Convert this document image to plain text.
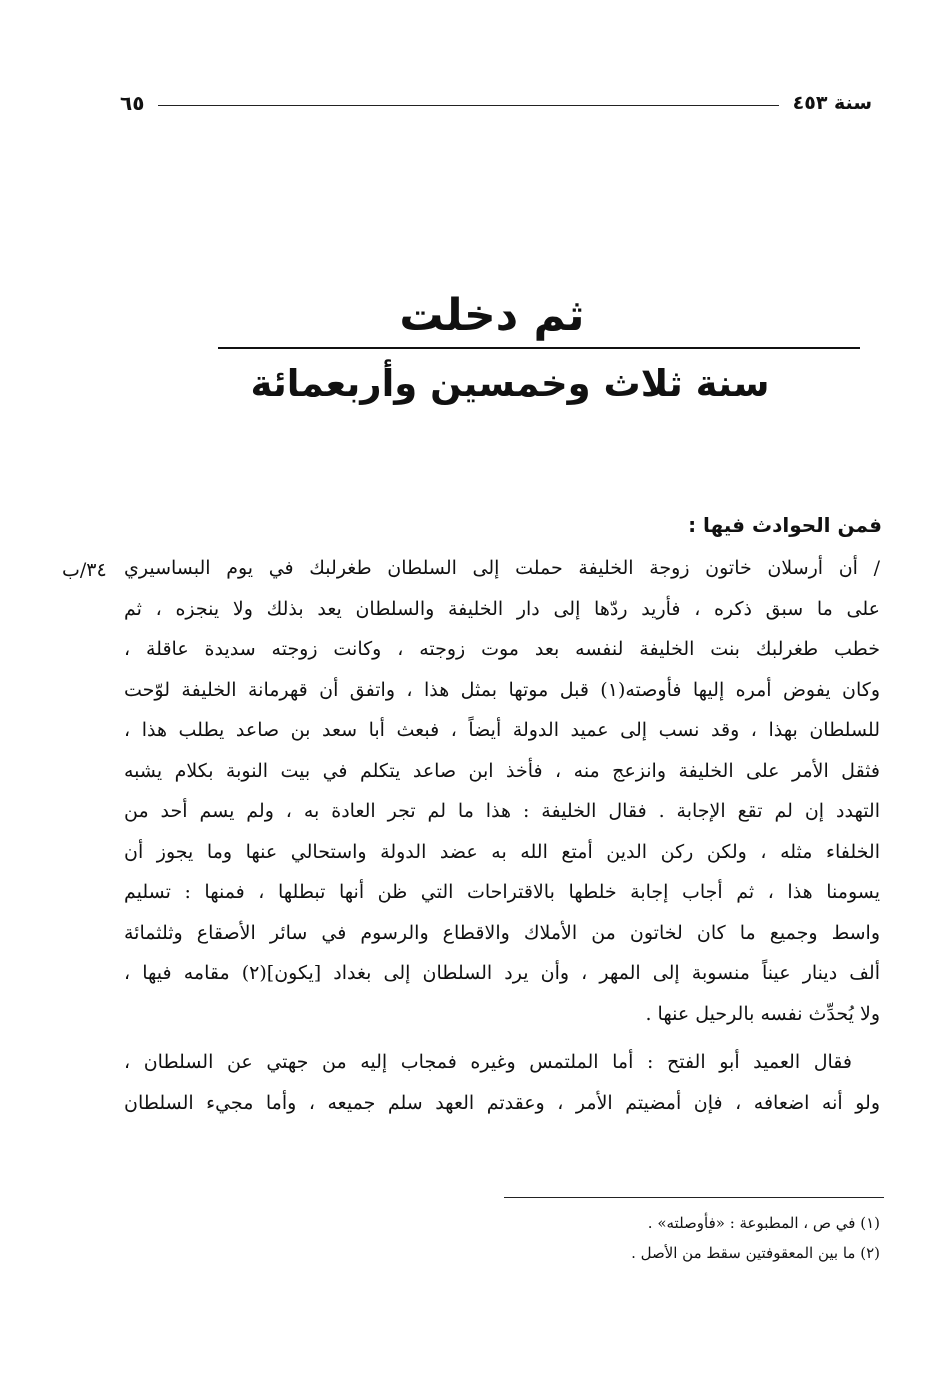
سنة ٤٥٣
٦٥
ثم دخلت
سنة ثلاث وخمسين وأربعمائة
فمن الحوادث فيها :
٣٤/ب / أن أرسلان خاتون زوجة الخليفة حملت إلى السلطان طغرلبك في يوم البساسيري
على ما سبق ذكره ، فأريد ردّها إلى دار الخليفة والسلطان يعد بذلك ولا ينجزه ، ثم
خطب طغرلبك بنت الخليفة لنفسه بعد موت زوجته ، وكانت زوجته سديدة عاقلة ،
وكان يفوض أمره إليها فأوصته(١) قبل موتها بمثل هذا ، واتفق أن قهرمانة الخليفة لوّحت
للسلطان بهذا ، وقد نسب إلى عميد الدولة أيضاً ، فبعث أبا سعد بن صاعد يطلب هذا ،
فثقل الأمر على الخليفة وانزعج منه ، فأخذ ابن صاعد يتكلم في بيت النوبة بكلام يشبه
التهدد إن لم تقع الإجابة . فقال الخليفة : هذا ما لم تجر العادة به ، ولم يسم أحد من
الخلفاء مثله ، ولكن ركن الدين أمتع الله به عضد الدولة واستحالي عنها وما يجوز أن
يسومنا هذا ، ثم أجاب إجابة خلطها بالاقتراحات التي ظن أنها تبطلها ، فمنها : تسليم
واسط وجميع ما كان لخاتون من الأملاك والاقطاع والرسوم في سائر الأصقاع وثلثمائة
ألف دينار عيناً منسوبة إلى المهر ، وأن يرد السلطان إلى بغداد [يكون](٢) مقامه فيها ،
ولا يُحدِّث نفسه بالرحيل عنها .
فقال العميد أبو الفتح : أما الملتمس وغيره فمجاب إليه من جهتي عن السلطان ،
ولو أنه اضعافه ، فإن أمضيتم الأمر ، وعقدتم العهد سلم جميعه ، وأما مجيء السلطان
(١) في ص ، المطبوعة : «فأوصلته» .
(٢) ما بين المعقوفتين سقط من الأصل .
